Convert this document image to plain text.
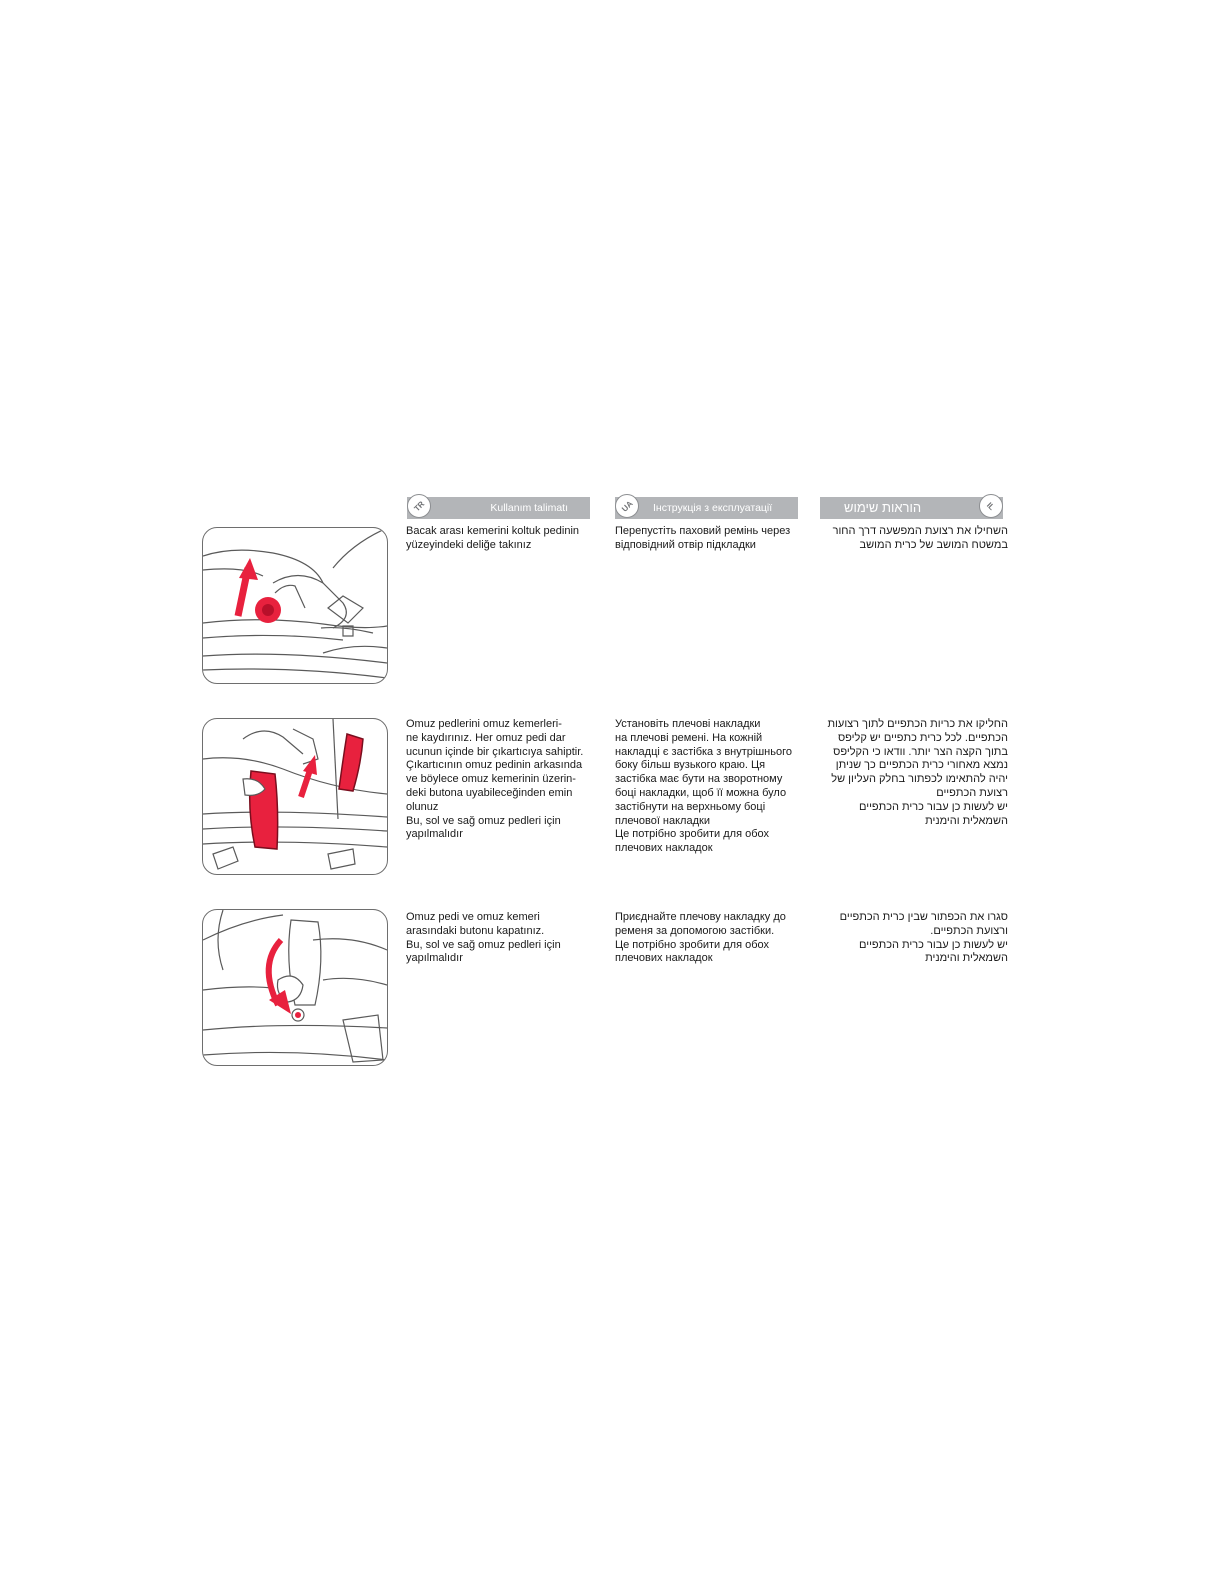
TR	Kullanım talimatı	UA	Інструкція з експлуатації	IL
הוראות שימוש

Bacak arası kemerini koltuk pedinin
yüzeyindeki deliğe takınız

Перепустіть паховий ремінь через
відповідний отвір підкладки

השחילו את רצועת המפשעה דרך החור
במשטח המושב של כרית המושב

Omuz pedlerini omuz kemerleri-
ne kaydırınız. Her omuz pedi dar
ucunun içinde bir çıkartıcıya sahiptir.
Çıkartıcının omuz pedinin arkasında
ve böylece omuz kemerinin üzerin-
deki butona uyabileceğinden emin
olunuz
Bu, sol ve sağ omuz pedleri için
yapılmalıdır

Установіть плечові накладки
на плечові ремені. На кожній
накладці є застібка з внутрішнього
боку більш вузького краю. Ця
застібка має бути на зворотному
боці накладки, щоб її можна було
застібнути на верхньому боці
плечової накладки
Це потрібно зробити для обох
плечових накладок

החליקו את כריות הכתפיים לתוך רצועות
הכתפיים. לכל כרית כתפיים יש קליפס
בתוך הקצה הצר יותר. וודאו כי הקליפס
נמצא מאחורי כרית הכתפיים כך שניתן
יהיה להתאימו לכפתור בחלק העליון של
רצועת הכתפיים
יש לעשות כן עבור כרית הכתפיים
השמאלית והימנית

Omuz pedi ve omuz kemeri
arasındaki butonu kapatınız.
Bu, sol ve sağ omuz pedleri için
yapılmalıdır

Приєднайте плечову накладку до
ременя за допомогою застібки.
Це потрібно зробити для обох
плечових накладок

סגרו את הכפתור שבין כרית הכתפיים
ורצועת הכתפיים.
יש לעשות כן עבור כרית הכתפיים
השמאלית והימנית
